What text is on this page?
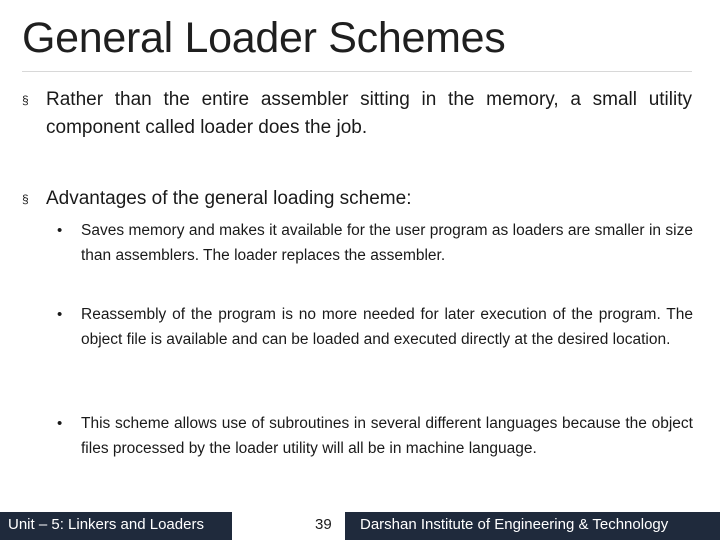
General Loader Schemes
§ Rather than the entire assembler sitting in the memory, a small utility component called loader does the job.
§ Advantages of the general loading scheme:
•	Saves memory and makes it available for the user program as loaders are smaller in size than assemblers. The loader replaces the assembler.
•	Reassembly of the program is no more needed for later execution of the program. The object file is available and can be loaded and executed directly at the desired location.
•	This scheme allows use of subroutines in several different languages because the object files processed by the loader utility will all be in machine language.
Unit – 5: Linkers and Loaders	39 Darshan Institute of Engineering & Technology
